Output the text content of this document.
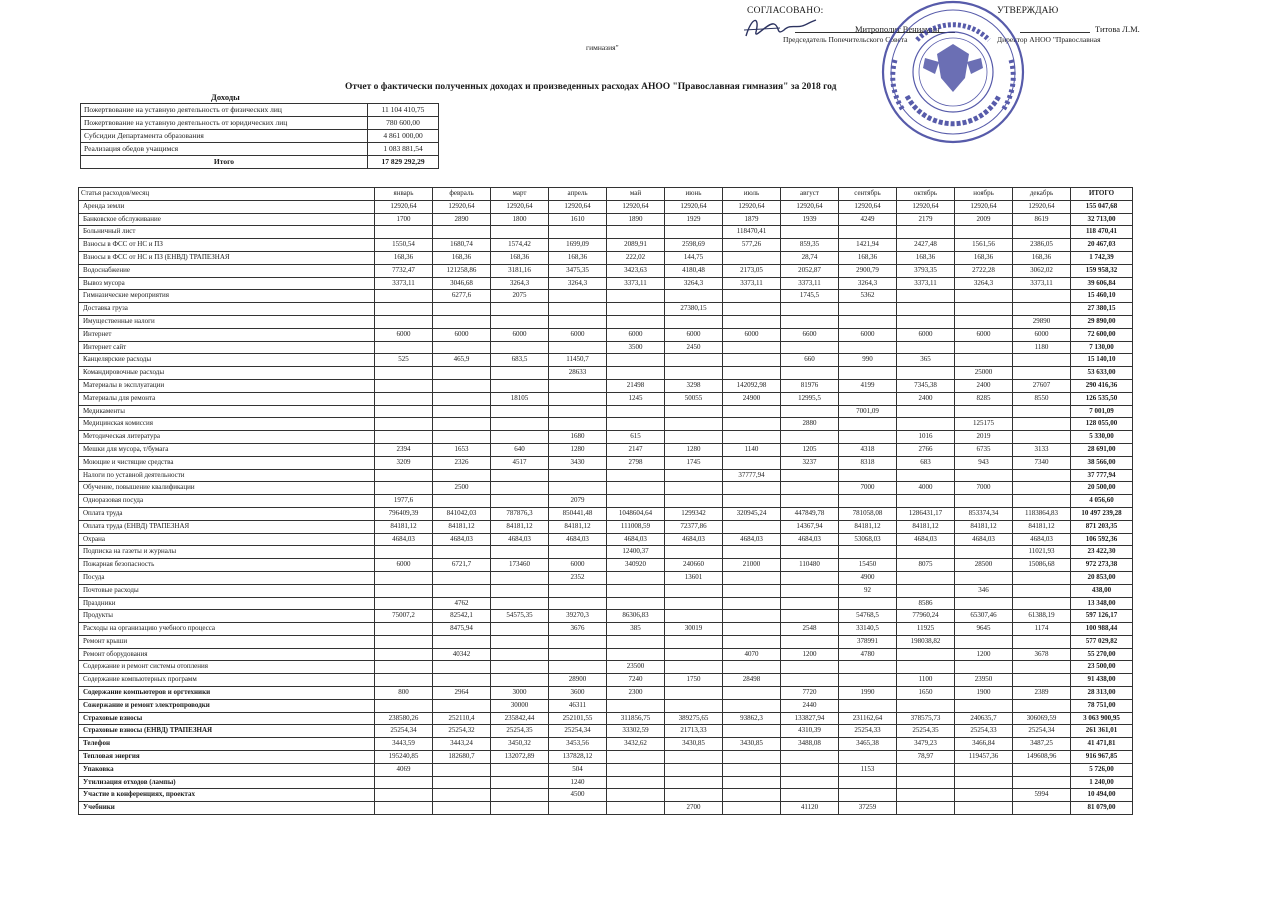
СОГЛАСОВАНО:	УТВЕРЖДАЮ
Митрополит Вениамин	Титова Л.М.
Председатель Попечительского Совета	Директор АНОО "Православная
гимназия"
Отчет о фактически полученных доходах и произведенных расходах АНОО "Православная гимназия" за 2018 год
Доходы
Пожертвование на уставную деятельность от физических лиц	11 104 410,75
Пожертвование на уставную деятельность от юридических лиц	780 600,00
Субсидии Департамента образования	4 861 000,00
Реализация обедов учащимся	1 083 881,54
Итого	17 829 292,29
Статья расходов/месяц	январь	февраль	март	апрель	май	июнь	июль	август	сентябрь	октябрь	ноябрь	декабрь	ИТОГО
Аренда земли	12920,64	12920,64	12920,64	12920,64	12920,64	12920,64	12920,64	12920,64	12920,64	12920,64	12920,64	12920,64	155 047,68
Банковское обслуживание	1700	2890	1800	1610	1890	1929	1879	1939	4249	2179	2009	8619	32 713,00
Больничный лист							118470,41						118 470,41
Взносы в ФСС от НС и ПЗ	1550,54	1680,74	1574,42	1699,09	2089,91	2598,69	577,26	859,35	1421,94	2427,48	1561,56	2386,05	20 467,03
Взносы в ФСС от НС и ПЗ (ЕНВД) ТРАПЕЗНАЯ	168,36	168,36	168,36	168,36	222,02	144,75		28,74	168,36	168,36	168,36	168,36	1 742,39
Водоснабжение	7732,47	121258,86	3181,16	3475,35	3423,63	4180,48	2173,05	2052,87	2900,79	3793,35	2722,28	3062,02	159 958,32
Вывоз мусора	3373,11	3046,68	3264,3	3264,3	3373,11	3264,3	3373,11	3373,11	3264,3	3373,11	3264,3	3373,11	39 606,84
Гимназические мероприятия		6277,6	2075					1745,5	5362				15 460,10
Доставка груза						27380,15							27 380,15
Имущественные налоги												29890	29 890,00
Интернет	6000	6000	6000	6000	6000	6000	6000	6600	6000	6000	6000	6000	72 600,00
Интернет сайт					3500	2450						1180	7 130,00
Канцелярские расходы	525	465,9	683,5	11450,7				660	990	365			15 140,10
Командировочные расходы				28633							25000		53 633,00
Материалы в эксплуатации					21498	3298	142092,98	81976	4199	7345,38	2400	27607	290 416,36
Материалы для ремонта			18105		1245	50055	24900	12995,5		2400	8285	8550	126 535,50
Медикаменты									7001,09				7 001,09
Медицинская комиссия								2880			125175		128 055,00
Методическая литература				1680	615					1016	2019		5 330,00
Мешки для мусора, т/бумага	2394	1653	640	1280	2147	1280	1140	1205	4318	2766	6735	3133	28 691,00
Моющие и чистящие средства	3209	2326	4517	3430	2798	1745		3237	8318	683	943	7340	38 566,00
Налоги по уставной деятельности							37777,94						37 777,94
Обучение, повышение квалификации		2500							7000	4000	7000		20 500,00
Одноразовая посуда	1977,6			2079									4 056,60
Оплата труда	796409,39	841042,03	787876,3	850441,48	1048604,64	1299342	320945,24	447849,78	781058,08	1286431,17	853374,34	1183864,83	10 497 239,28
Оплата труда (ЕНВД) ТРАПЕЗНАЯ	84181,12	84181,12	84181,12	84181,12	111008,59	72377,86		14367,94	84181,12	84181,12	84181,12	84181,12	871 203,35
Охрана	4684,03	4684,03	4684,03	4684,03	4684,03	4684,03	4684,03	4684,03	53068,03	4684,03	4684,03	4684,03	106 592,36
Подписка на газеты и журналы					12400,37							11021,93	23 422,30
Пожарная безопасность	6000	6721,7	173460	6000	340920	240660	21000	110480	15450	8075	28500	15086,68	972 273,38
Посуда				2352		13601			4900				20 853,00
Почтовые расходы									92		346		438,00
Праздники		4762								8586			13 348,00
Продукты	75007,2	82542,1	54575,35	39270,3	86306,83				54768,5	77960,24	65307,46	61388,19	597 126,17
Расходы на организацию учебного процесса		8475,94		3676	385	30019		2548	33140,5	11925	9645	1174	100 988,44
Ремонт крыши									378991	198038,82			577 029,82
Ремонт оборудования		40342					4070	1200	4780		1200	3678	55 270,00
Содержание и ремонт системы отопления					23500								23 500,00
Содержание компьютерных программ				28900	7240	1750	28498			1100	23950		91 438,00
Содержание компьютеров и оргтехники	800	2964	3000	3600	2300			7720	1990	1650	1900	2389	28 313,00
Сожержание и ремонт электропроводки			30000	46311				2440					78 751,00
Страховые взносы	238580,26	252110,4	235842,44	252101,55	311856,75	389275,65	93862,3	133827,94	231162,64	378575,73	240635,7	306069,59	3 063 900,95
Страховые взносы (ЕНВД) ТРАПЕЗНАЯ	25254,34	25254,32	25254,35	25254,34	33302,59	21713,33		4310,39	25254,33	25254,35	25254,33	25254,34	261 361,01
Телефон	3443,59	3443,24	3450,32	3453,56	3432,62	3430,85	3430,85	3488,08	3465,38	3479,23	3466,84	3487,25	41 471,81
Тепловая энергия	195240,85	182680,7	132072,89	137828,12						78,97	119457,36	149608,96	916 967,85
Упаковка	4069			504					1153				5 726,00
Утилизация отходов (лампы)				1240									1 240,00
Участие в конференциях, проектах				4500								5994	10 494,00
Учебники						2700		41120	37259				81 079,00
